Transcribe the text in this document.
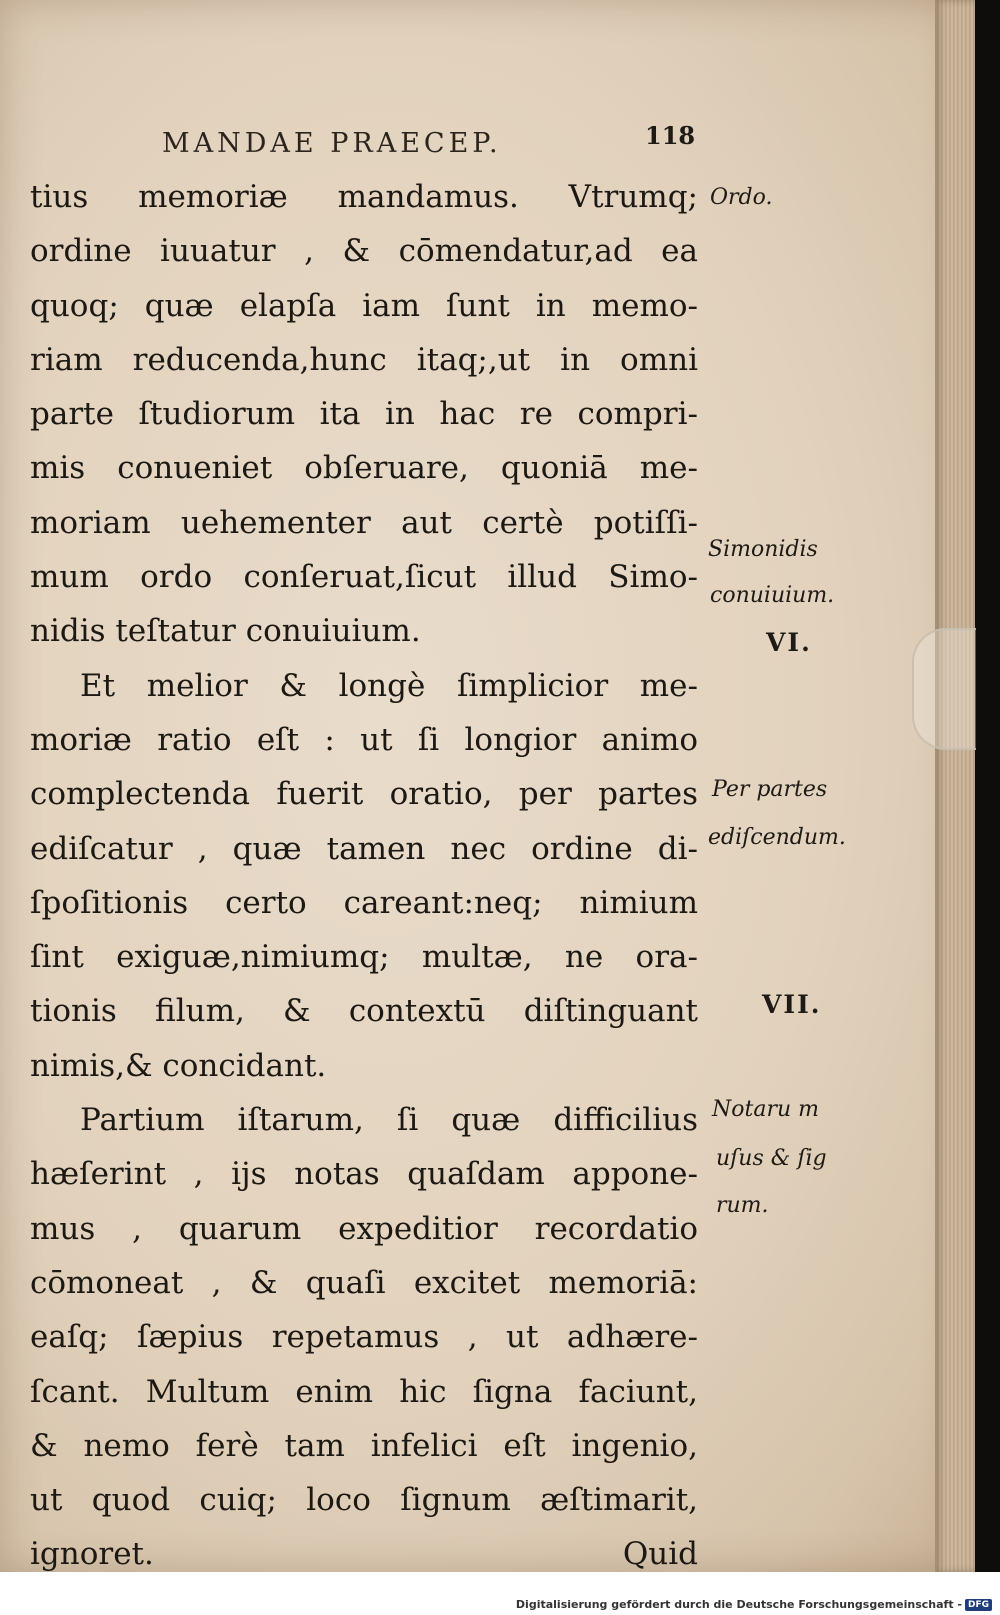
MANDAE PRAECEP.	118
tius memoriæ mandamus. Vtrumq;
ordine iuuatur , & cōmendatur,ad ea
quoq; quæ elapſa iam ſunt in memo-
riam reducenda,hunc itaq;,ut in omni
parte ſtudiorum ita in hac re compri-
mis conueniet obſeruare, quoniā me-
moriam uehementer aut certè potiſſi-
mum ordo conſeruat,ſicut illud Simo-
nidis teſtatur conuiuium.
Et melior & longè ſimplicior me-
moriæ ratio eſt : ut ſi longior animo
complectenda fuerit oratio, per partes
ediſcatur , quæ tamen nec ordine di-
ſpoſitionis certo careant:neq; nimium
ſint exiguæ,nimiumq; multæ, ne ora-
tionis filum, & contextū diſtinguant
nimis,& concidant.
Partium iſtarum, ſi quæ difficilius
hæſerint , ijs notas quaſdam appone-
mus , quarum expeditior recordatio
cōmoneat , & quaſi excitet memoriā:
eaſq; ſæpius repetamus , ut adhære-
ſcant. Multum enim hic ſigna faciunt,
& nemo ferè tam infelici eſt ingenio,
ut quod cuiq; loco ſignum æſtimarit,
ignoret.	Quid
Ordo.
Simonidis
conuiuium.
VI.
Per partes
ediſcendum.
VII.
Notaru m
uſus & ſig
rum.
Digitalisierung gefördert durch die Deutsche Forschungsgemeinschaft - DFG
